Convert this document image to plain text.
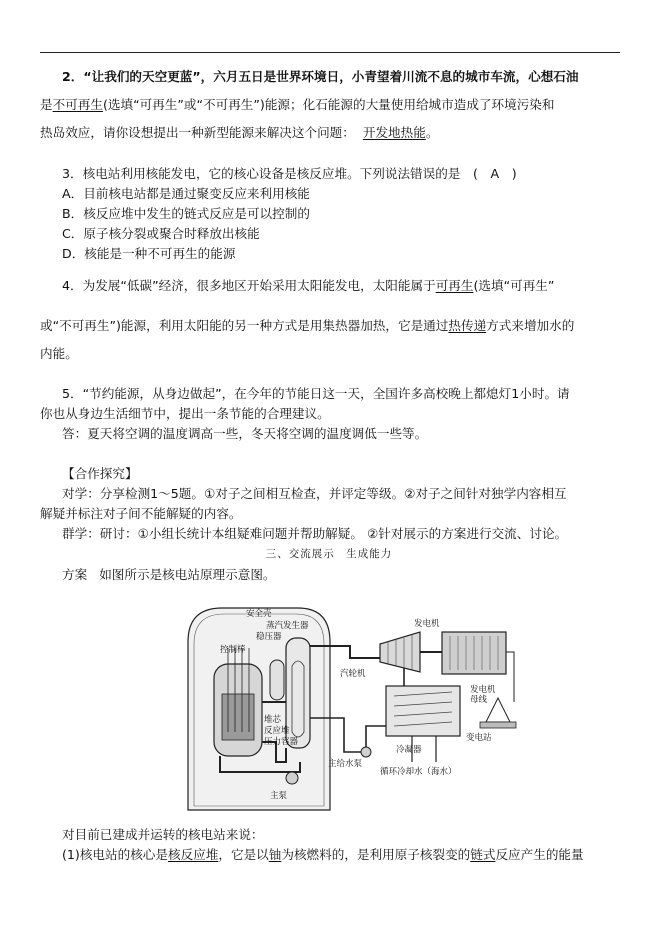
2．“让我们的天空更蓝”，六月五日是世界环境日，小青望着川流不息的城市车流，心想石油
是不可再生(选填“可再生”或“不可再生”)能源；化石能源的大量使用给城市造成了环境污染和
热岛效应，请你设想提出一种新型能源来解决这个问题： 开发地热能。
3．核电站利用核能发电，它的核心设备是核反应堆。下列说法错误的是　(　A　)
A．目前核电站都是通过聚变反应来利用核能
B．核反应堆中发生的链式反应是可以控制的
C．原子核分裂或聚合时释放出核能
D．核能是一种不可再生的能源
4．为发展“低碳”经济，很多地区开始采用太阳能发电，太阳能属于可再生(选填“可再生”
或“不可再生”)能源，利用太阳能的另一种方式是用集热器加热，它是通过热传递方式来增加水的
内能。
5．“节约能源，从身边做起”，在今年的节能日这一天，全国许多高校晚上都熄灯1小时。请
你也从身边生活细节中，提出一条节能的合理建议。
答：夏天将空调的温度调高一些，冬天将空调的温度调低一些等。
【合作探究】
对学：分享检测1～5题。①对子之间相互检查，并评定等级。②对子之间针对独学内容相互
解疑并标注对子间不能解疑的内容。
群学：研讨：①小组长统计本组疑难问题并帮助解疑。 ②针对展示的方案进行交流、讨论。
三、交流展示　生成能力
方案 如图所示是核电站原理示意图。
安全壳
蒸汽发生器
稳压器
控制棒
堆芯
反应堆
压力容器
主泵
发电机
汽轮机
发电机
母线
变电站
主给水泵
冷凝器
循环冷却水（海水）
对目前已建成并运转的核电站来说：
(1)核电站的核心是核反应堆，它是以铀为核燃料的，是利用原子核裂变的链式反应产生的能量
